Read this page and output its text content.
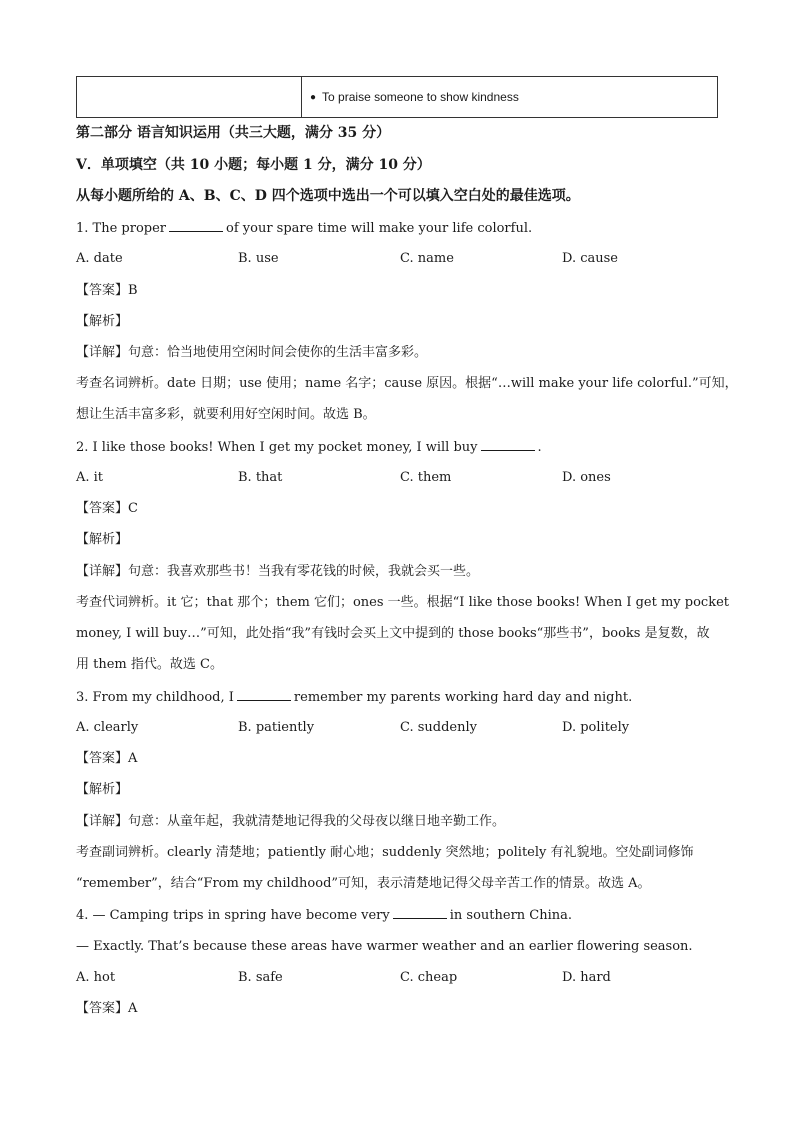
● To praise someone to show kindness
第二部分 语言知识运用（共三大题，满分 35 分）
V．单项填空（共 10 小题；每小题 1 分，满分 10 分）
从每小题所给的 A、B、C、D 四个选项中选出一个可以填入空白处的最佳选项。
1. The proper	of your spare time will make your life colorful.
A. date	B. use	C. name	D. cause
【答案】B
【解析】
【详解】句意：恰当地使用空闲时间会使你的生活丰富多彩。
考查名词辨析。date 日期；use 使用；name 名字；cause 原因。根据“…will make your life colorful.”可知，
想让生活丰富多彩，就要利用好空闲时间。故选 B。
2. I like those books! When I get my pocket money, I will buy	.
A. it	B. that	C. them	D. ones
【答案】C
【解析】
【详解】句意：我喜欢那些书！当我有零花钱的时候，我就会买一些。
考查代词辨析。it 它；that 那个；them 它们；ones 一些。根据“I like those books! When I get my pocket
money, I will buy…”可知，此处指“我”有钱时会买上文中提到的 those books“那些书”，books 是复数，故
用 them 指代。故选 C。
3. From my childhood, I	remember my parents working hard day and night.
A. clearly	B. patiently	C. suddenly	D. politely
【答案】A
【解析】
【详解】句意：从童年起，我就清楚地记得我的父母夜以继日地辛勤工作。
考查副词辨析。clearly 清楚地；patiently 耐心地；suddenly 突然地；politely 有礼貌地。空处副词修饰
“remember”，结合“From my childhood”可知，表示清楚地记得父母辛苦工作的情景。故选 A。
4. — Camping trips in spring have become very	in southern China.
— Exactly. That’s because these areas have warmer weather and an earlier flowering season.
A. hot	B. safe	C. cheap	D. hard
【答案】A
